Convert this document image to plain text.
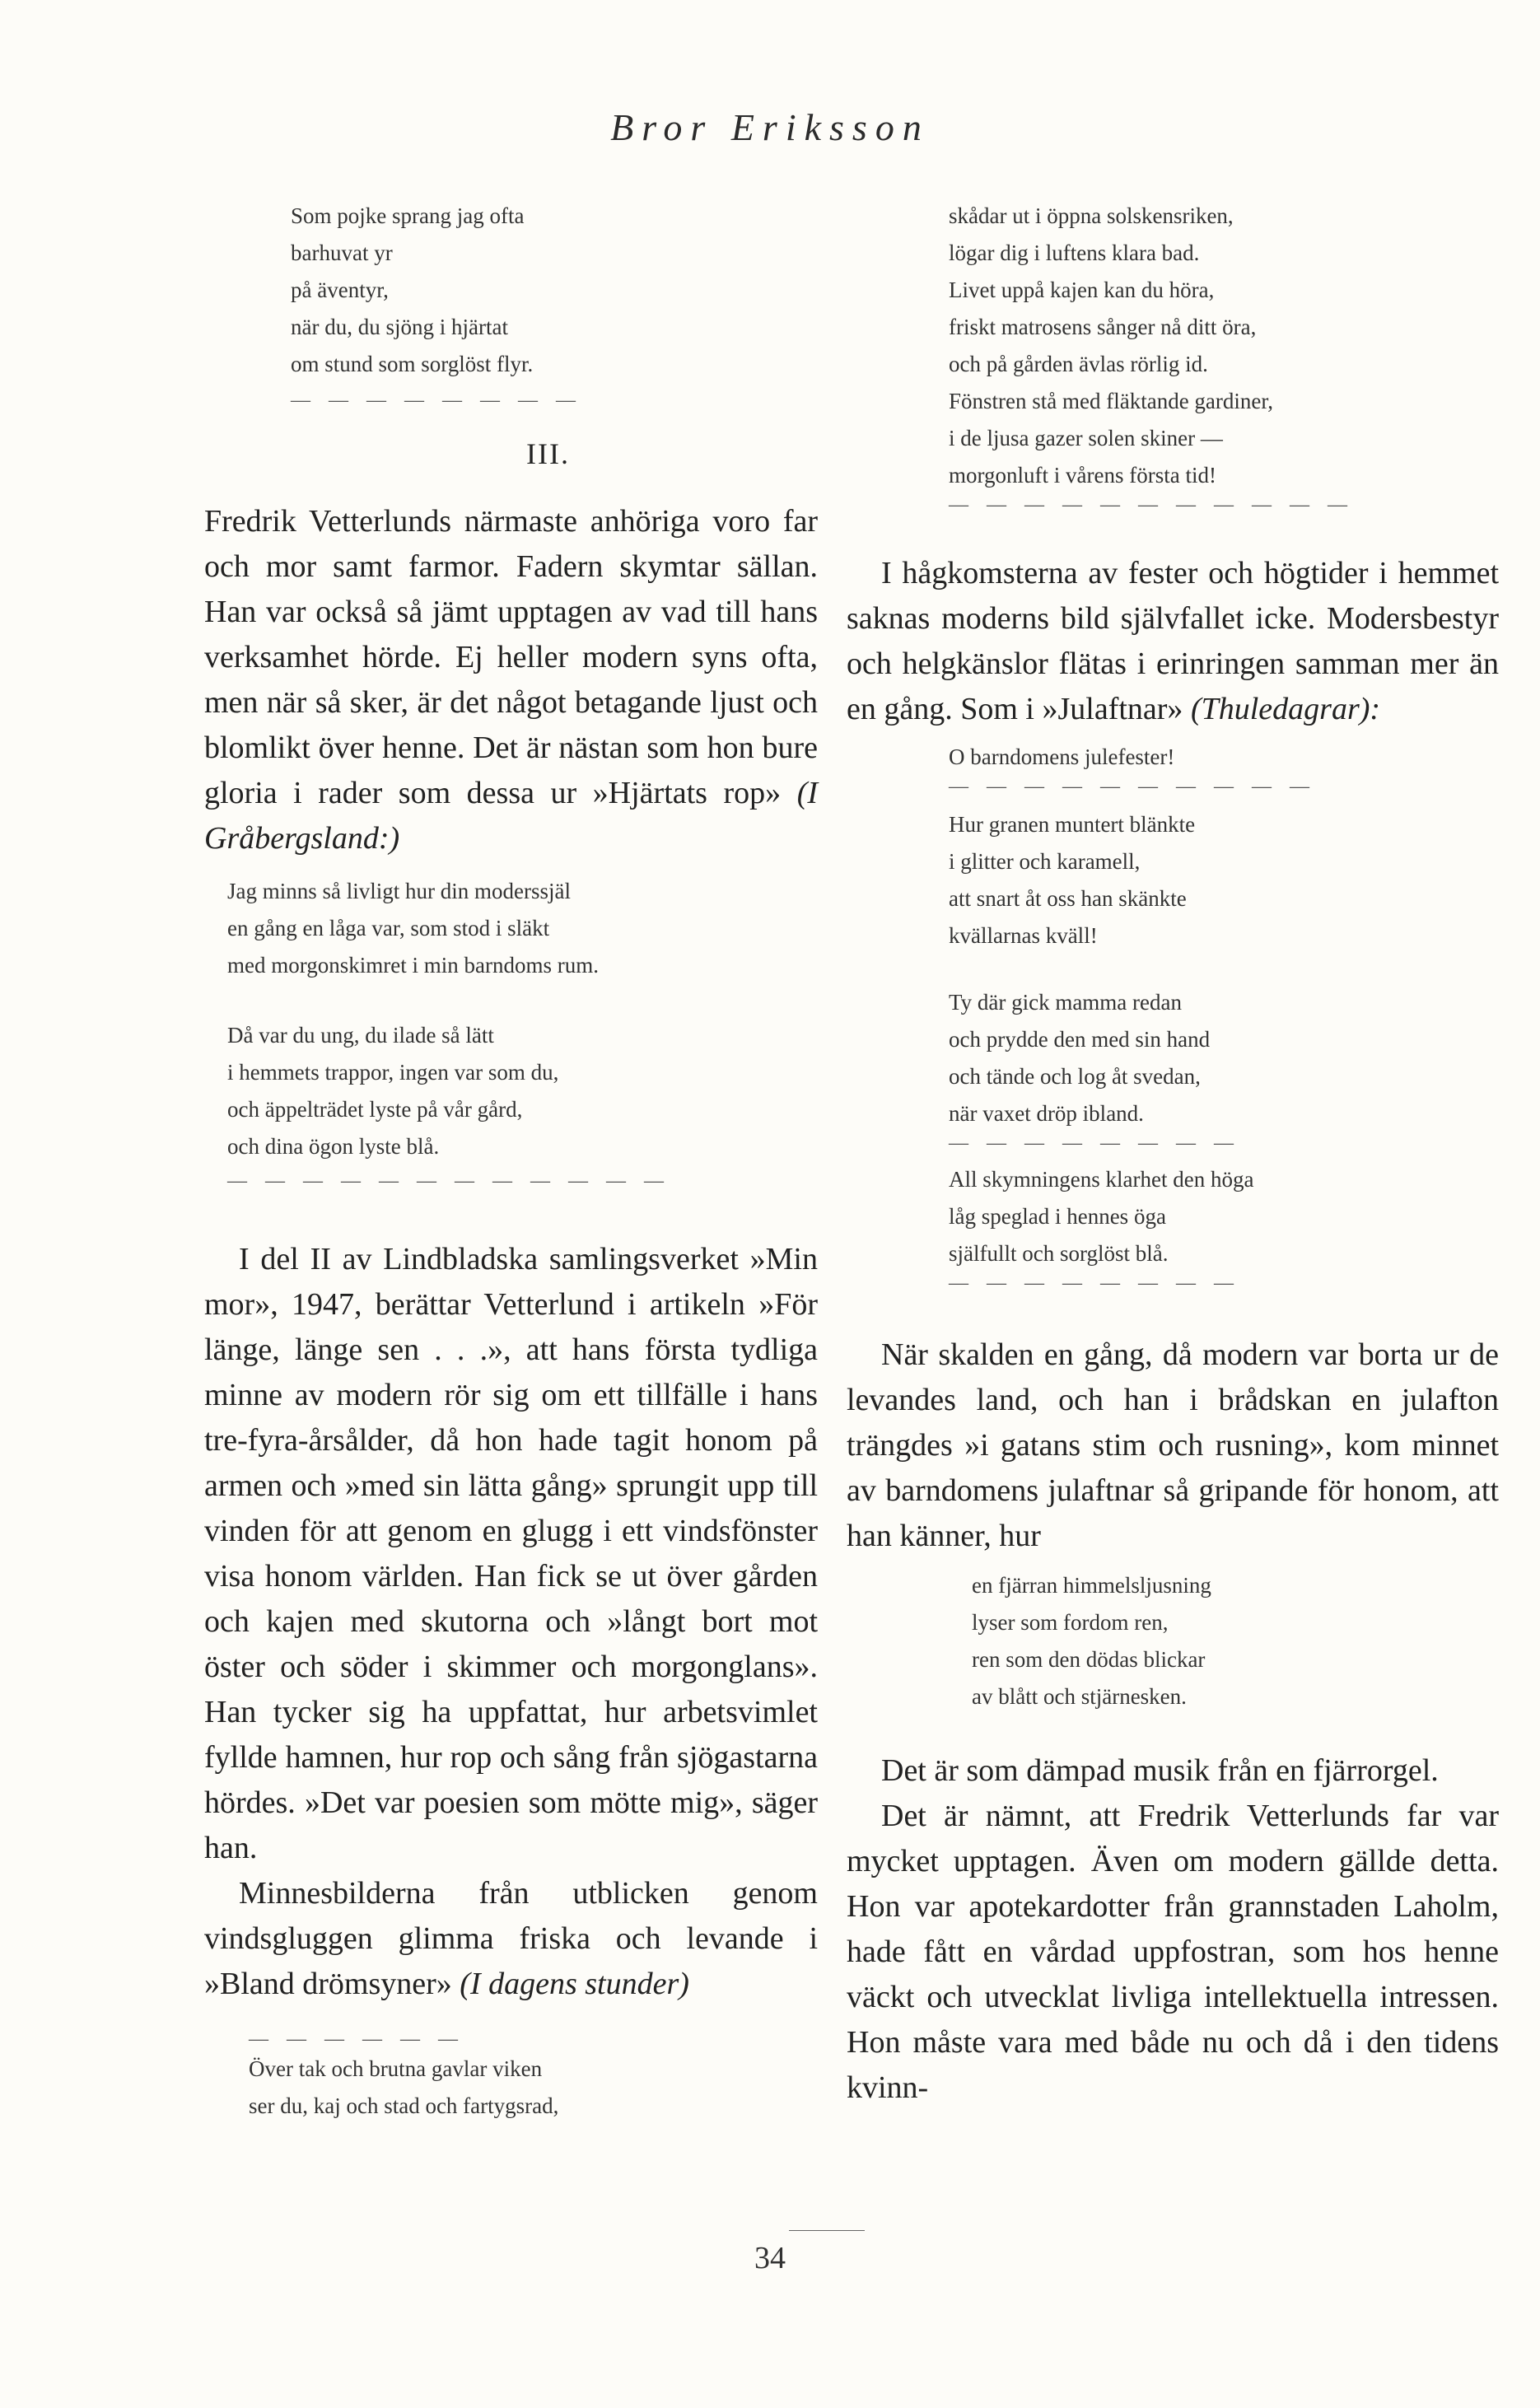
Bror Eriksson
Som pojke sprang jag ofta
barhuvat yr
på äventyr,
när du, du sjöng i hjärtat
om stund som sorglöst flyr.

— — — — — — — —

III.

Fredrik Vetterlunds närmaste anhöriga voro far och mor samt farmor. Fadern skymtar sällan. Han var också så jämt upptagen av vad till hans verksamhet hörde. Ej heller modern syns ofta, men när så sker, är det något betagande ljust och blomlikt över henne. Det är nästan som hon bure gloria i rader som dessa ur »Hjärtats rop» (I Gråbergsland:)

Jag minns så livligt hur din moderssjäl
en gång en låga var, som stod i släkt
med morgonskimret i min barndoms rum.
Då var du ung, du ilade så lätt
i hemmets trappor, ingen var som du,
och äppelträdet lyste på vår gård,
och dina ögon lyste blå.

— — — — — — — — — — — —

I del II av Lindbladska samlingsverket »Min mor», 1947, berättar Vetterlund i artikeln »För länge, länge sen . . .», att hans första tydliga minne av modern rör sig om ett tillfälle i hans tre-fyra-årsålder, då hon hade tagit honom på armen och »med sin lätta gång» sprungit upp till vinden för att genom en glugg i ett vindsfönster visa honom världen. Han fick se ut över gården och kajen med skutorna och »långt bort mot öster och söder i skimmer och morgonglans». Han tycker sig ha uppfattat, hur arbetsvimlet fyllde hamnen, hur rop och sång från sjögastarna hördes. »Det var poesien som mötte mig», säger han.

Minnesbilderna från utblicken genom vindsgluggen glimma friska och levande i »Bland drömsyner» (I dagens stunder)

— — — — — —

Över tak och brutna gavlar viken
ser du, kaj och stad och fartygsrad,
skådar ut i öppna solskensriken,
lögar dig i luftens klara bad.
Livet uppå kajen kan du höra,
friskt matrosens sånger nå ditt öra,
och på gården ävlas rörlig id.
Fönstren stå med fläktande gardiner,
i de ljusa gazer solen skiner —
morgonluft i vårens första tid!

— — — — — — — — — — —

I hågkomsterna av fester och högtider i hemmet saknas moderns bild självfallet icke. Modersbestyr och helgkänslor flätas i erinringen samman mer än en gång. Som i »Julaftnar» (Thuledagrar):

O barndomens julefester!

— — — — — — — — — —

Hur granen muntert blänkte
i glitter och karamell,
att snart åt oss han skänkte
kvällarnas kväll!
Ty där gick mamma redan
och prydde den med sin hand
och tände och log åt svedan,
när vaxet dröp ibland.

— — — — — — — —

All skymningens klarhet den höga
låg speglad i hennes öga
själfullt och sorglöst blå.

— — — — — — — —

När skalden en gång, då modern var borta ur de levandes land, och han i brådskan en julafton trängdes »i gatans stim och rusning», kom minnet av barndomens julaftnar så gripande för honom, att han känner, hur

en fjärran himmelsljusning
lyser som fordom ren,
ren som den dödas blickar
av blått och stjärnesken.

Det är som dämpad musik från en fjärrorgel.

Det är nämnt, att Fredrik Vetterlunds far var mycket upptagen. Även om modern gällde detta. Hon var apotekardotter från grannstaden Laholm, hade fått en vårdad uppfostran, som hos henne väckt och utvecklat livliga intellektuella intressen. Hon måste vara med både nu och då i den tidens kvinn-

34
